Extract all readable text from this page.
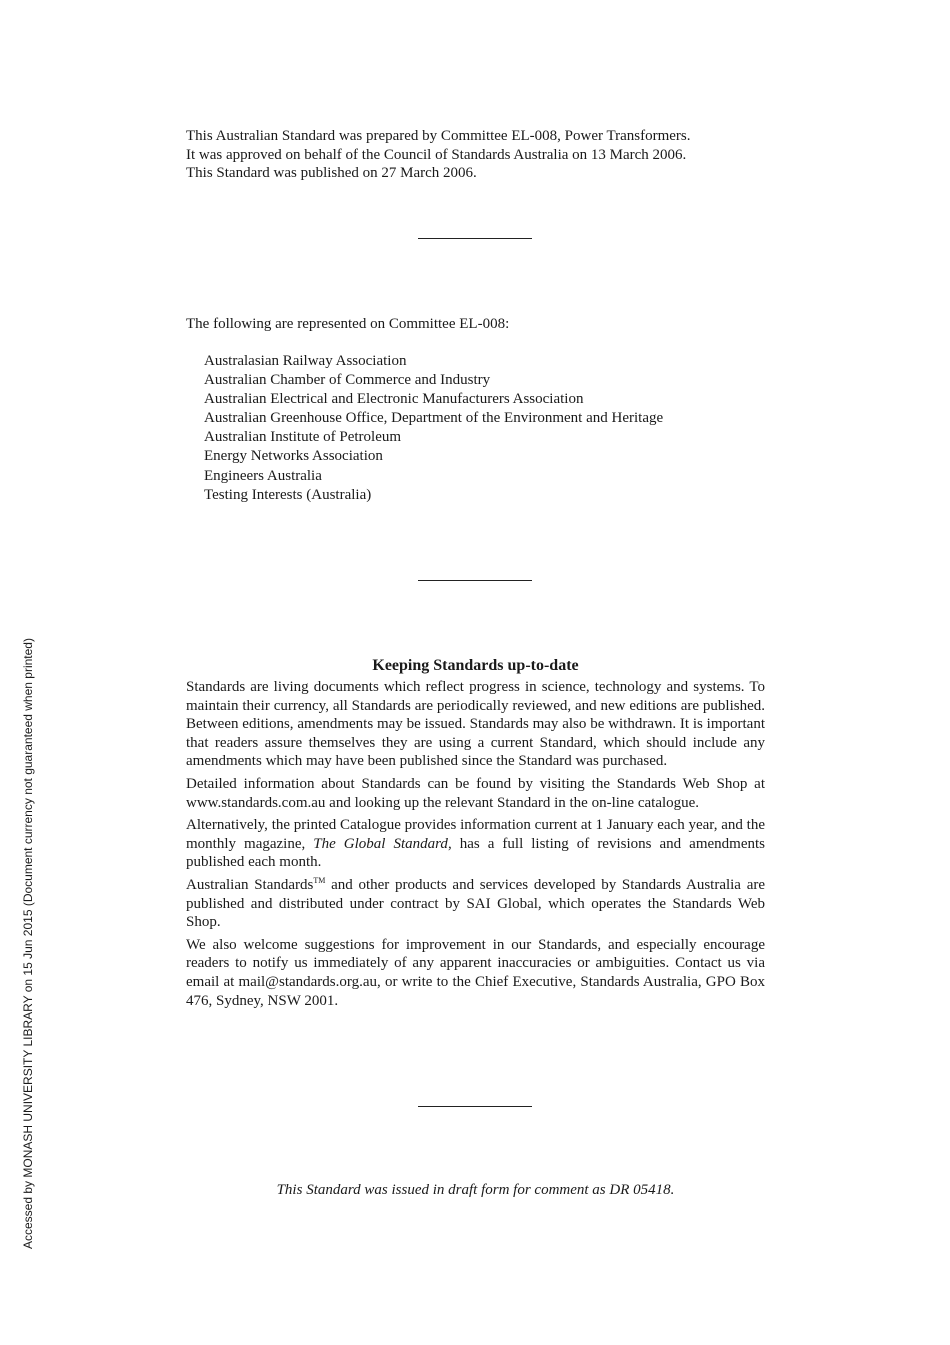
This Australian Standard was prepared by Committee EL-008, Power Transformers.

It was approved on behalf of the Council of Standards Australia on 13 March 2006.

This Standard was published on 27 March 2006.

The following are represented on Committee EL-008:

Australasian Railway Association
Australian Chamber of Commerce and Industry
Australian Electrical and Electronic Manufacturers Association
Australian Greenhouse Office, Department of the Environment and Heritage
Australian Institute of Petroleum
Energy Networks Association
Engineers Australia
Testing Interests (Australia)
Keeping Standards up-to-date

Standards are living documents which reflect progress in science, technology and systems. To maintain their currency, all Standards are periodically reviewed, and new editions are published. Between editions, amendments may be issued. Standards may also be withdrawn. It is important that readers assure themselves they are using a current Standard, which should include any amendments which may have been published since the Standard was purchased.

Detailed information about Standards can be found by visiting the Standards Web Shop at www.standards.com.au and looking up the relevant Standard in the on-line catalogue.

Alternatively, the printed Catalogue provides information current at 1 January each year, and the monthly magazine, The Global Standard, has a full listing of revisions and amendments published each month.

Australian Standards™ and other products and services developed by Standards Australia are published and distributed under contract by SAI Global, which operates the Standards Web Shop.

We also welcome suggestions for improvement in our Standards, and especially encourage readers to notify us immediately of any apparent inaccuracies or ambiguities. Contact us via email at mail@standards.org.au, or write to the Chief Executive, Standards Australia, GPO Box 476, Sydney, NSW 2001.

This Standard was issued in draft form for comment as DR 05418.
Accessed by MONASH UNIVERSITY LIBRARY on 15 Jun 2015 (Document currency not guaranteed when printed)
